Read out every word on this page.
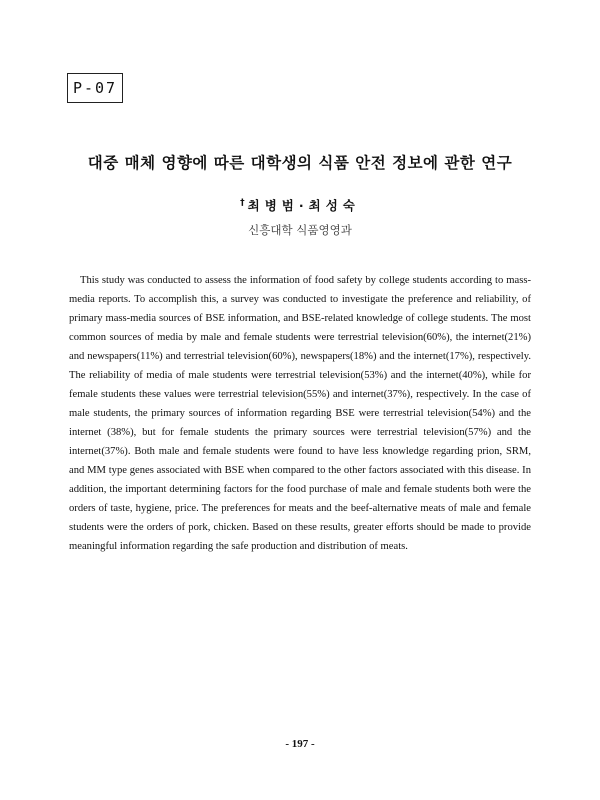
P-07
대중 매체 영향에 따른 대학생의 식품 안전 정보에 관한 연구
† 최병범·최성숙
신흥대학 식품영영과

This study was conducted to assess the information of food safety by college students according to mass-media reports. To accomplish this, a survey was conducted to investigate the preference and reliability, of primary mass-media sources of BSE information, and BSE-related knowledge of college students. The most common sources of media by male and female students were terrestrial television(60%), the internet(21%) and newspapers(11%) and terrestrial television(60%), newspapers(18%) and the internet(17%), respectively. The reliability of media of male students were terrestrial television(53%) and the internet(40%), while for female students these values were terrestrial television(55%) and internet(37%), respectively. In the case of male students, the primary sources of information regarding BSE were terrestrial television(54%) and the internet (38%), but for female students the primary sources were terrestrial television(57%) and the internet(37%). Both male and female students were found to have less knowledge regarding prion, SRM, and MM type genes associated with BSE when compared to the other factors associated with this disease. In addition, the important determining factors for the food purchase of male and female students both were the orders of taste, hygiene, price. The preferences for meats and the beef-alternative meats of male and female students were the orders of pork, chicken. Based on these results, greater efforts should be made to provide meaningful information regarding the safe production and distribution of meats.

- 197 -
